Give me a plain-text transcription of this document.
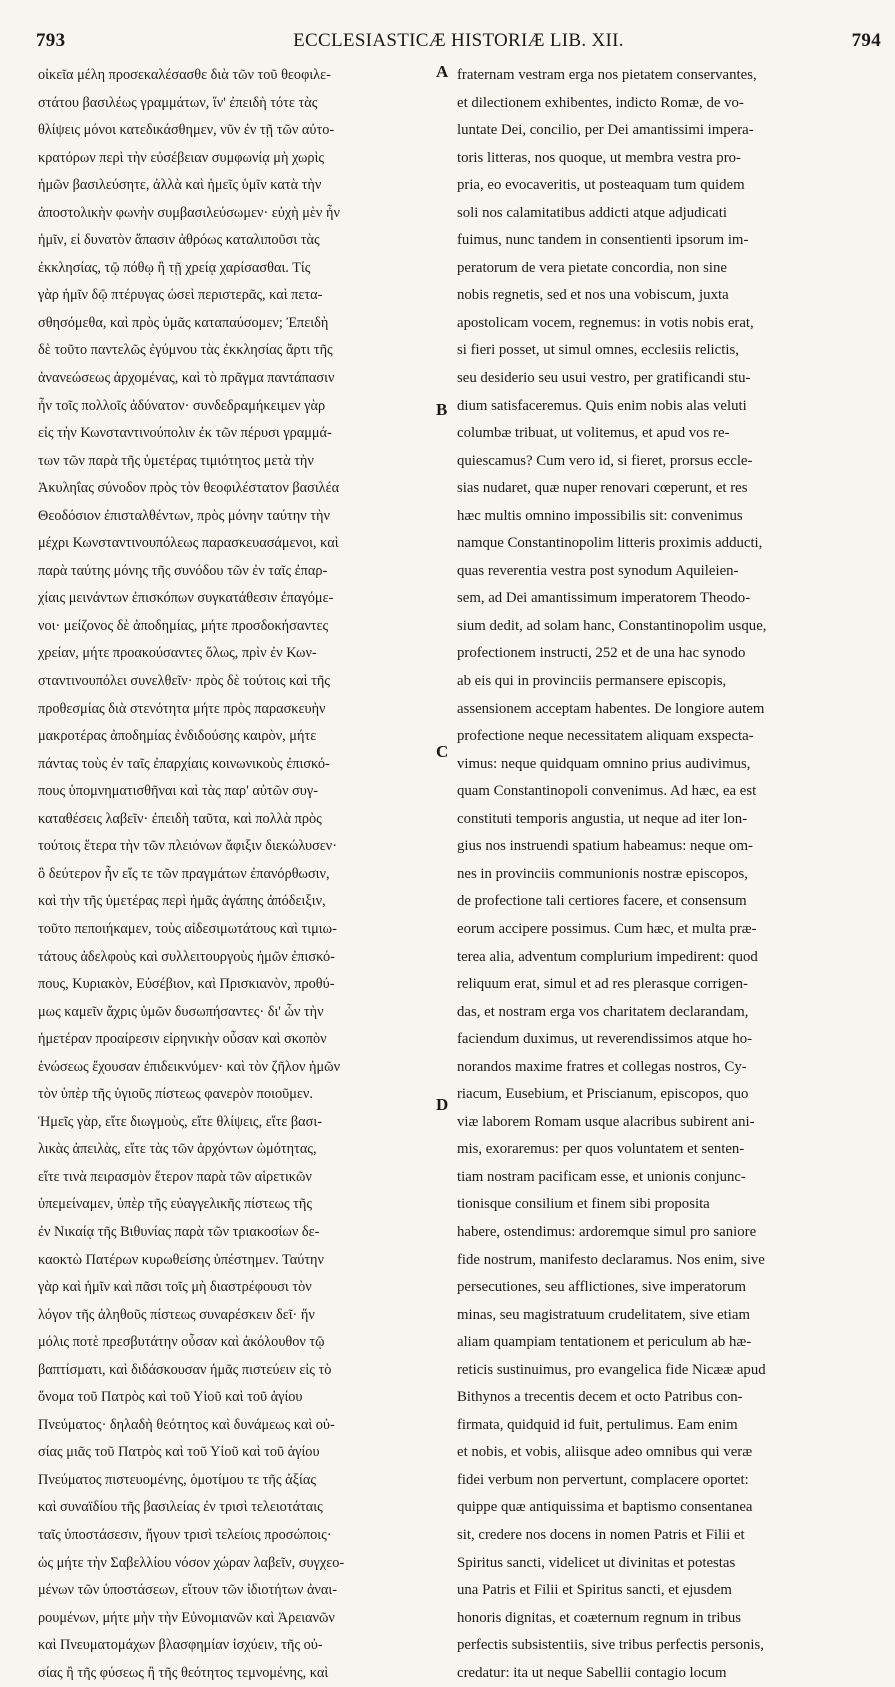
793	ECCLESIASTICÆ HISTORIÆ LIB. XII.	794
οἰκεῖα μέλη προσεκαλέσασθε διὰ τῶν τοῦ θεοφιλε-
στάτου βασιλέως γραμμάτων, ἵν' ἐπειδὴ τότε τὰς
θλίψεις μόνοι κατεδικάσθημεν, νῦν ἐν τῇ τῶν αὐτο-
κρατόρων περὶ τὴν εὐσέβειαν συμφωνίᾳ μὴ χωρὶς
ἡμῶν βασιλεύσητε, ἀλλὰ καὶ ἡμεῖς ὑμῖν κατὰ τὴν
ἀποστολικὴν φωνὴν συμβασιλεύσωμεν· εὐχὴ μὲν ἦν
ἡμῖν, εἰ δυνατὸν ἅπασιν ἀθρόως καταλιποῦσι τὰς
ἐκκλησίας, τῷ πόθῳ ἢ τῇ χρείᾳ χαρίσασθαι. Τίς
γὰρ ἡμῖν δῷ πτέρυγας ὡσεὶ περιστερᾶς, καὶ πετα-
σθησόμεθα, καὶ πρὸς ὑμᾶς καταπαύσομεν; Ἐπειδὴ
δὲ τοῦτο παντελῶς ἐγύμνου τὰς ἐκκλησίας ἄρτι τῆς
ἀνανεώσεως ἀρχομένας, καὶ τὸ πρᾶγμα παντάπασιν
ἦν τοῖς πολλοῖς ἀδύνατον· συνδεδραμήκειμεν γὰρ
εἰς τὴν Κωνσταντινούπολιν ἐκ τῶν πέρυσι γραμμά-
των τῶν παρὰ τῆς ὑμετέρας τιμιότητος μετὰ τὴν
Ἀκυληΐας σύνοδον πρὸς τὸν θεοφιλέστατον βασιλέα
Θεοδόσιον ἐπισταλθέντων, πρὸς μόνην ταύτην τὴν
μέχρι Κωνσταντινουπόλεως παρασκευασάμενοι, καὶ
παρὰ ταύτης μόνης τῆς συνόδου τῶν ἐν ταῖς ἐπαρ-
χίαις μεινάντων ἐπισκόπων συγκατάθεσιν ἐπαγόμε-
νοι· μείζονος δὲ ἀποδημίας, μήτε προσδοκήσαντες
χρείαν, μήτε προακούσαντες ὅλως, πρὶν ἐν Κων-
σταντινουπόλει συνελθεῖν· πρὸς δὲ τούτοις καὶ τῆς
προθεσμίας διὰ στενότητα μήτε πρὸς παρασκευὴν
μακροτέρας ἀποδημίας ἐνδιδούσης καιρὸν, μήτε
πάντας τοὺς ἐν ταῖς ἐπαρχίαις κοινωνικοὺς ἐπισκό-
πους ὑπομνηματισθῆναι καὶ τὰς παρ' αὐτῶν συγ-
καταθέσεις λαβεῖν· ἐπειδὴ ταῦτα, καὶ πολλὰ πρὸς
τούτοις ἕτερα τὴν τῶν πλειόνων ἄφιξιν διεκώλυσεν·
ὃ δεύτερον ἦν εἴς τε τῶν πραγμάτων ἐπανόρθωσιν,
καὶ τὴν τῆς ὑμετέρας περὶ ἡμᾶς ἀγάπης ἀπόδειξιν,
τοῦτο πεποιήκαμεν, τοὺς αἰδεσιμωτάτους καὶ τιμιω-
τάτους ἀδελφοὺς καὶ συλλειτουργοὺς ἡμῶν ἐπισκό-
πους, Κυριακὸν, Εὐσέβιον, καὶ Πρισκιανὸν, προθύ-
μως καμεῖν ἄχρις ὑμῶν δυσωπήσαντες· δι' ὧν τὴν
ἡμετέραν προαίρεσιν εἰρηνικὴν οὖσαν καὶ σκοπὸν
ἑνώσεως ἔχουσαν ἐπιδεικνύμεν· καὶ τὸν ζῆλον ἡμῶν
τὸν ὑπὲρ τῆς ὑγιοῦς πίστεως φανερὸν ποιοῦμεν.
Ἡμεῖς γὰρ, εἴτε διωγμοὺς, εἴτε θλίψεις, εἴτε βασι-
λικὰς ἀπειλὰς, εἴτε τὰς τῶν ἀρχόντων ὠμότητας,
εἴτε τινὰ πειρασμὸν ἕτερον παρὰ τῶν αἱρετικῶν
ὑπεμείναμεν, ὑπὲρ τῆς εὐαγγελικῆς πίστεως τῆς
ἐν Νικαίᾳ τῆς Βιθυνίας παρὰ τῶν τριακοσίων δε-
καοκτὼ Πατέρων κυρωθείσης ὑπέστημεν. Ταύτην
γὰρ καὶ ἡμῖν καὶ πᾶσι τοῖς μὴ διαστρέφουσι τὸν
λόγον τῆς ἀληθοῦς πίστεως συναρέσκειν δεῖ· ἥν
μόλις ποτὲ πρεσβυτάτην οὖσαν καὶ ἀκόλουθον τῷ
βαπτίσματι, καὶ διδάσκουσαν ἡμᾶς πιστεύειν εἰς τὸ
ὄνομα τοῦ Πατρὸς καὶ τοῦ Υἱοῦ καὶ τοῦ ἁγίου
Πνεύματος· δηλαδὴ θεότητος καὶ δυνάμεως καὶ οὐ-
σίας μιᾶς τοῦ Πατρὸς καὶ τοῦ Υἱοῦ καὶ τοῦ ἁγίου
Πνεύματος πιστευομένης, ὁμοτίμου τε τῆς ἀξίας
καὶ συναϊδίου τῆς βασιλείας ἐν τρισὶ τελειοτάταις
ταῖς ὑποστάσεσιν, ἤγουν τρισὶ τελείοις προσώποις·
ὡς μήτε τὴν Σαβελλίου νόσον χώραν λαβεῖν, συγχεο-
μένων τῶν ὑποστάσεων, εἴτουν τῶν ἰδιοτήτων ἀναι-
ρουμένων, μήτε μὴν τὴν Εὐνομιανῶν καὶ Ἀρειανῶν
καὶ Πνευματομάχων βλασφημίαν ἰσχύειν, τῆς οὐ-
σίας ἢ τῆς φύσεως ἢ τῆς θεότητος τεμνομένης, καὶ
A
B
C
D
fraternam vestram erga nos pietatem conservantes,
et dilectionem exhibentes, indicto Romæ, de vo-
luntate Dei, concilio, per Dei amantissimi impera-
toris litteras, nos quoque, ut membra vestra pro-
pria, eo evocaveritis, ut posteaquam tum quidem
soli nos calamitatibus addicti atque adjudicati
fuimus, nunc tandem in consentienti ipsorum im-
peratorum de vera pietate concordia, non sine
nobis regnetis, sed et nos una vobiscum, juxta
apostolicam vocem, regnemus: in votis nobis erat,
si fieri posset, ut simul omnes, ecclesiis relictis,
seu desiderio seu usui vestro, per gratificandi stu-
dium satisfaceremus. Quis enim nobis alas veluti
columbæ tribuat, ut volitemus, et apud vos re-
quiescamus? Cum vero id, si fieret, prorsus eccle-
sias nudaret, quæ nuper renovari cœperunt, et res
hæc multis omnino impossibilis sit: convenimus
namque Constantinopolim litteris proximis adducti,
quas reverentia vestra post synodum Aquileien-
sem, ad Dei amantissimum imperatorem Theodo-
sium dedit, ad solam hanc, Constantinopolim usque,
profectionem instructi, 252 et de una hac synodo
ab eis qui in provinciis permansere episcopis,
assensionem acceptam habentes. De longiore autem
profectione neque necessitatem aliquam exspecta-
vimus: neque quidquam omnino prius audivimus,
quam Constantinopoli convenimus. Ad hæc, ea est
constituti temporis angustia, ut neque ad iter lon-
gius nos instruendi spatium habeamus: neque om-
nes in provinciis communionis nostræ episcopos,
de profectione tali certiores facere, et consensum
eorum accipere possimus. Cum hæc, et multa præ-
terea alia, adventum complurium impedirent: quod
reliquum erat, simul et ad res plerasque corrigen-
das, et nostram erga vos charitatem declarandam,
faciendum duximus, ut reverendissimos atque ho-
norandos maxime fratres et collegas nostros, Cy-
riacum, Eusebium, et Priscianum, episcopos, quo
viæ laborem Romam usque alacribus subirent ani-
mis, exoraremus: per quos voluntatem et senten-
tiam nostram pacificam esse, et unionis conjunc-
tionisque consilium et finem sibi proposita
habere, ostendimus: ardoremque simul pro saniore
fide nostrum, manifesto declaramus. Nos enim, sive
persecutiones, seu afflictiones, sive imperatorum
minas, seu magistratuum crudelitatem, sive etiam
aliam quampiam tentationem et periculum ab hæ-
reticis sustinuimus, pro evangelica fide Nicææ apud
Bithynos a trecentis decem et octo Patribus con-
firmata, quidquid id fuit, pertulimus. Eam enim
et nobis, et vobis, aliisque adeo omnibus qui veræ
fidei verbum non pervertunt, complacere oportet:
quippe quæ antiquissima et baptismo consentanea
sit, credere nos docens in nomen Patris et Filii et
Spiritus sancti, videlicet ut divinitas et potestas
una Patris et Filii et Spiritus sancti, et ejusdem
honoris dignitas, et coæternum regnum in tribus
perfectis subsistentiis, sive tribus perfectis personis,
credatur: ita ut neque Sabellii contagio locum
